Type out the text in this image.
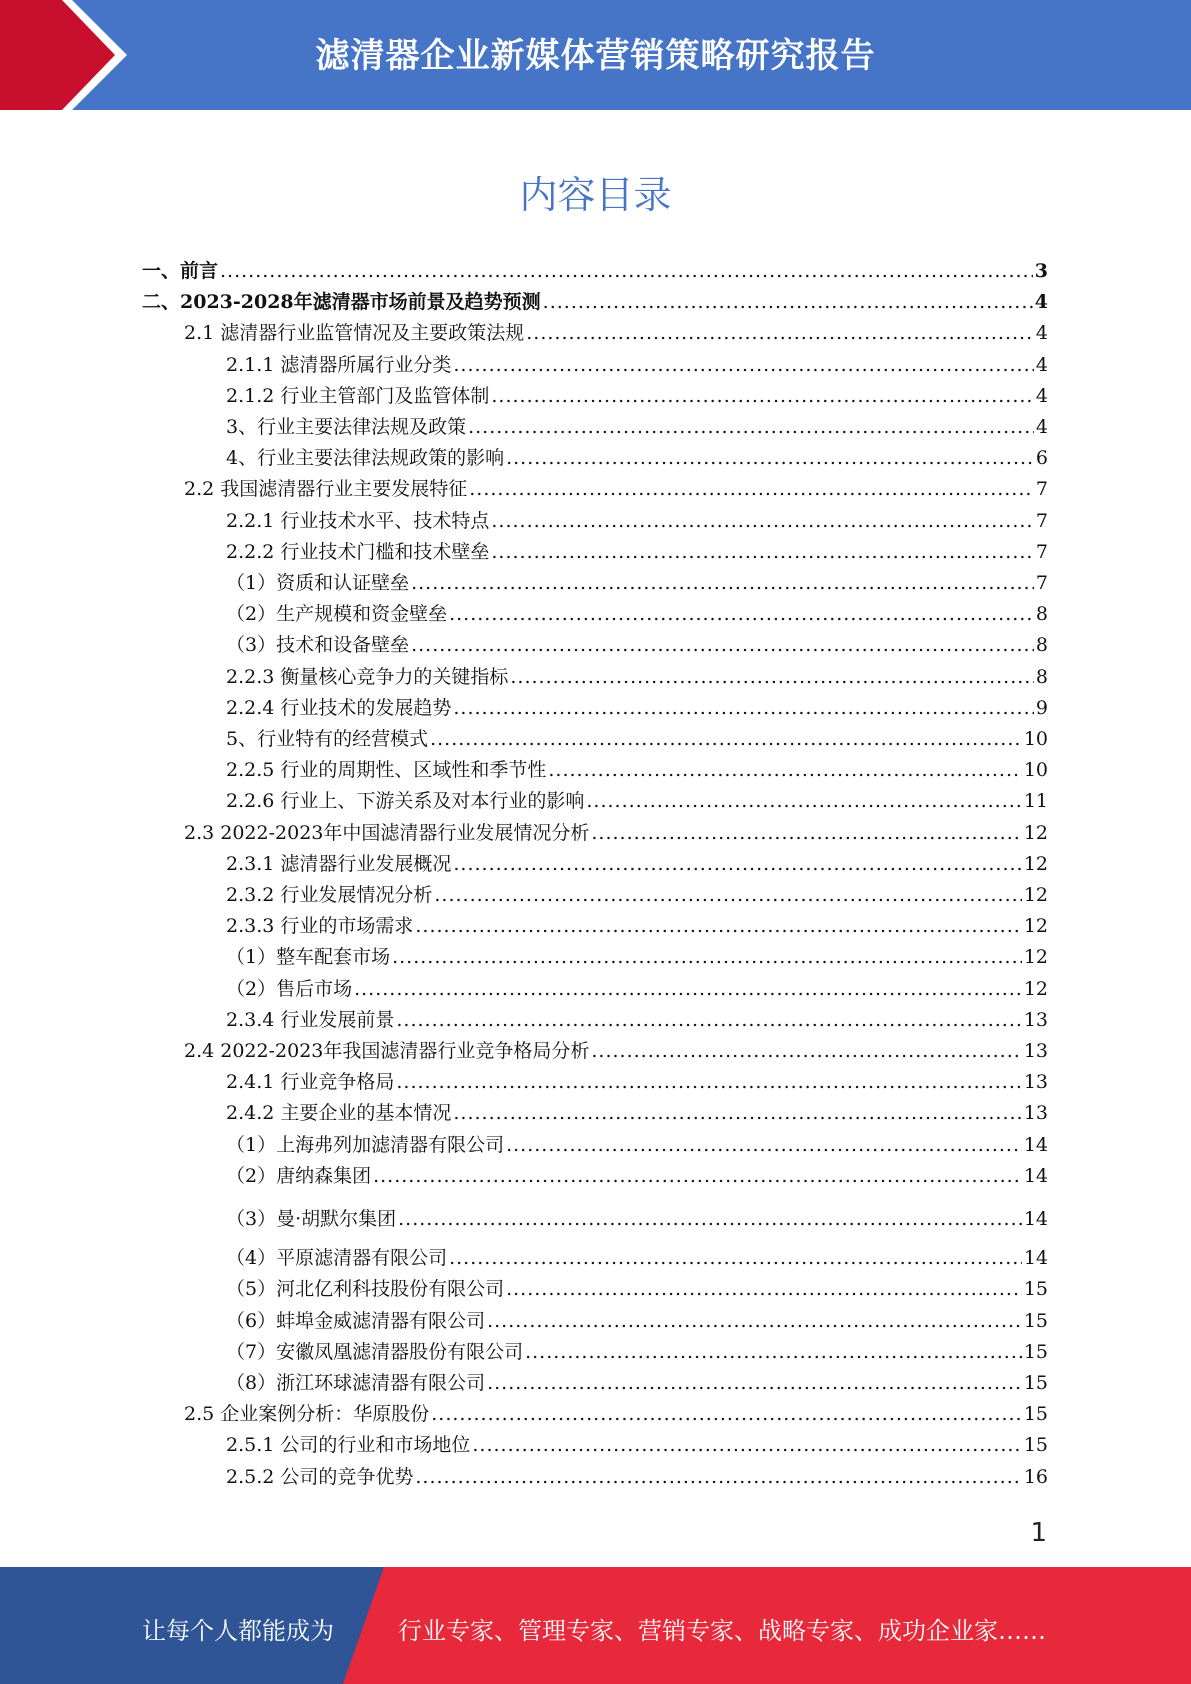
滤清器企业新媒体营销策略研究报告
内容目录
一、前言 .....	3
二、2023-2028年滤清器市场前景及趋势预测 .....	4
2.1 滤清器行业监管情况及主要政策法规 .....	4
2.1.1 滤清器所属行业分类 .....	4
2.1.2 行业主管部门及监管体制 .....	4
3、行业主要法律法规及政策 .....	4
4、行业主要法律法规政策的影响 .....	6
2.2 我国滤清器行业主要发展特征 .....	7
2.2.1 行业技术水平、技术特点 .....	7
2.2.2 行业技术门槛和技术壁垒 .....	7
（1）资质和认证壁垒 .....	7
（2）生产规模和资金壁垒 .....	8
（3）技术和设备壁垒 .....	8
2.2.3 衡量核心竞争力的关键指标 .....	8
2.2.4 行业技术的发展趋势 .....	9
5、行业特有的经营模式 .....	10
2.2.5 行业的周期性、区域性和季节性 .....	10
2.2.6 行业上、下游关系及对本行业的影响 .....	11
2.3 2022-2023年中国滤清器行业发展情况分析 .....	12
2.3.1 滤清器行业发展概况 .....	12
2.3.2 行业发展情况分析 .....	12
2.3.3 行业的市场需求 .....	12
（1）整车配套市场 .....	12
（2）售后市场 .....	12
2.3.4 行业发展前景 .....	13
2.4 2022-2023年我国滤清器行业竞争格局分析 .....	13
2.4.1 行业竞争格局 .....	13
2.4.2 主要企业的基本情况 .....	13
（1）上海弗列加滤清器有限公司 .....	14
（2）唐纳森集团 .....	14
（3）曼·胡默尔集团 .....	14
（4）平原滤清器有限公司 .....	14
（5）河北亿利科技股份有限公司 .....	15
（6）蚌埠金威滤清器有限公司 .....	15
（7）安徽凤凰滤清器股份有限公司 .....	15
（8）浙江环球滤清器有限公司 .....	15
2.5 企业案例分析：华原股份 .....	15
2.5.1 公司的行业和市场地位 .....	15
2.5.2 公司的竞争优势 .....	16
1
让每个人都能成为	行业专家、管理专家、营销专家、战略专家、成功企业家……
